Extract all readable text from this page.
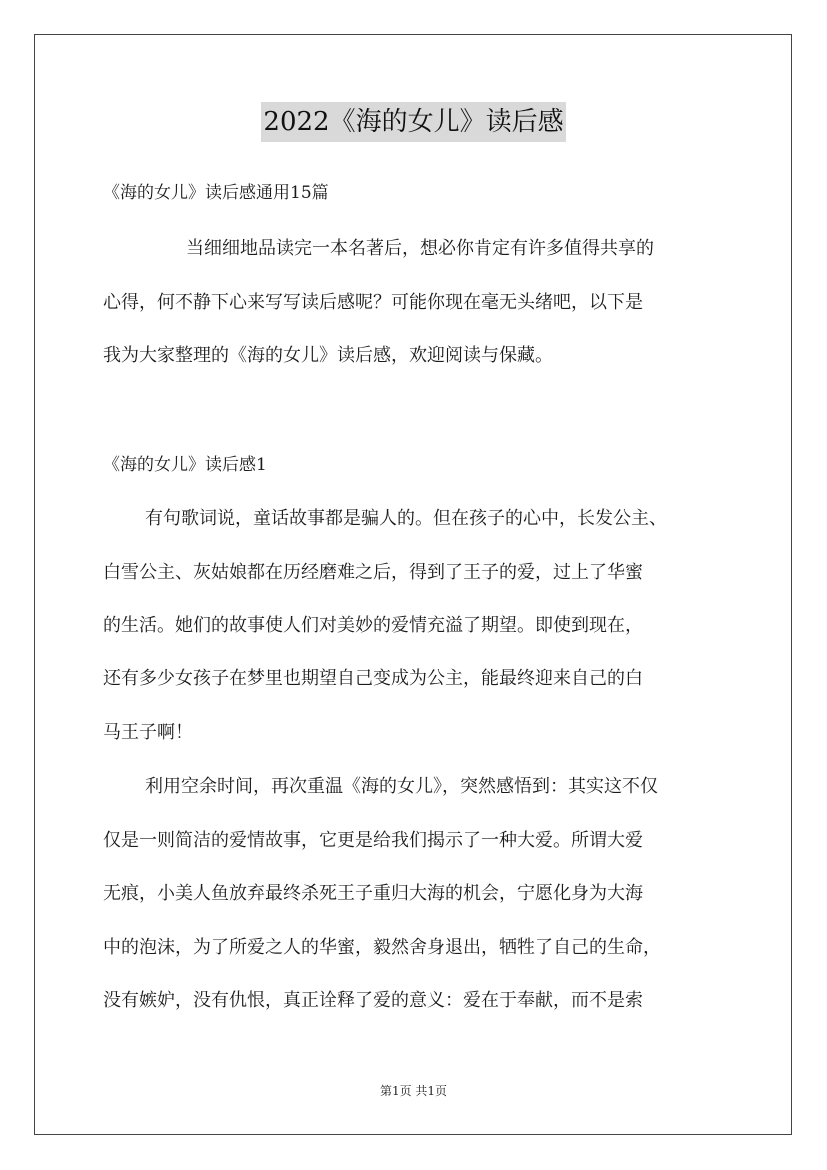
2022《海的女儿》读后感

《海的女儿》读后感通用15篇

当细细地品读完一本名著后，想必你肯定有许多值得共享的

心得，何不静下心来写写读后感呢？可能你现在毫无头绪吧，以下是

我为大家整理的《海的女儿》读后感，欢迎阅读与保藏。

《海的女儿》读后感1

有句歌词说，童话故事都是骗人的。但在孩子的心中，长发公主、

白雪公主、灰姑娘都在历经磨难之后，得到了王子的爱，过上了华蜜

的生活。她们的故事使人们对美妙的爱情充溢了期望。即使到现在，

还有多少女孩子在梦里也期望自己变成为公主，能最终迎来自己的白

马王子啊！

利用空余时间，再次重温《海的女儿》，突然感悟到：其实这不仅

仅是一则简洁的爱情故事，它更是给我们揭示了一种大爱。所谓大爱

无痕，小美人鱼放弃最终杀死王子重归大海的机会，宁愿化身为大海

中的泡沫，为了所爱之人的华蜜，毅然舍身退出，牺牲了自己的生命，

没有嫉妒，没有仇恨，真正诠释了爱的意义：爱在于奉献，而不是索

第1页 共1页
